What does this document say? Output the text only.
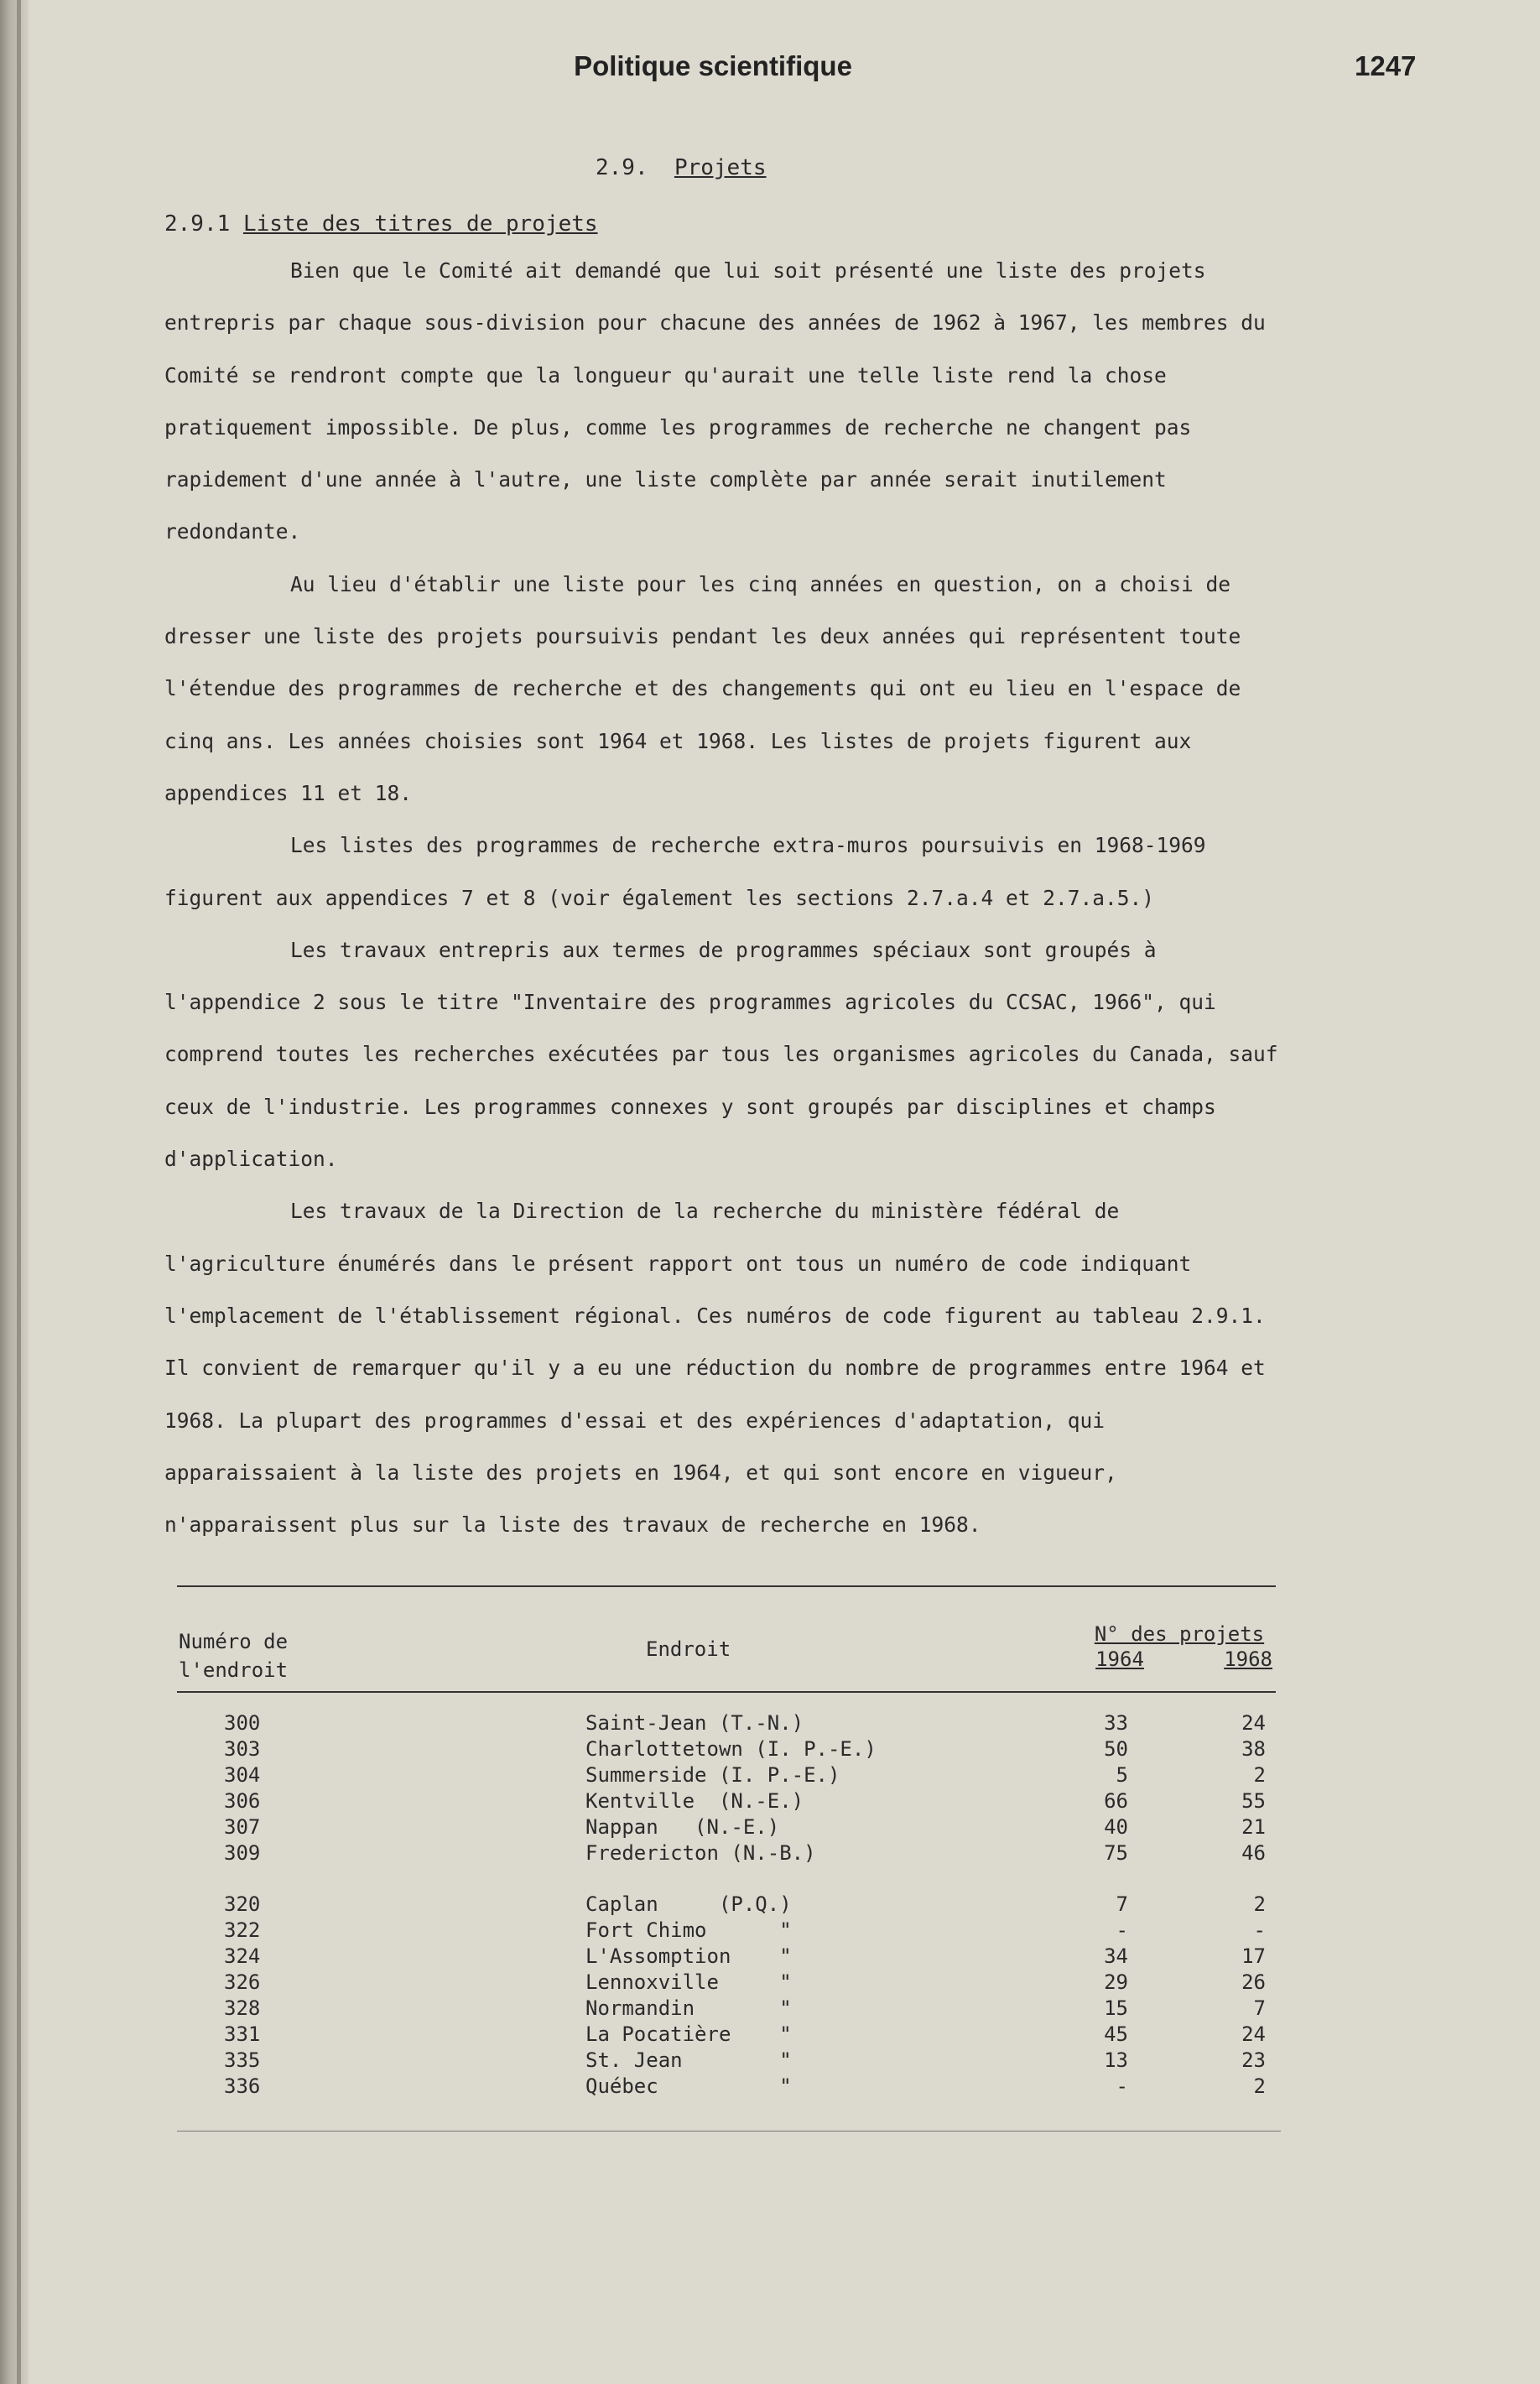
Politique scientifique	1247
2.9. Projets
2.9.1 Liste des titres de projets

Bien que le Comité ait demandé que lui soit présenté une liste des projets entrepris par chaque sous-division pour chacune des années de 1962 à 1967, les membres du Comité se rendront compte que la longueur qu'aurait une telle liste rend la chose pratiquement impossible. De plus, comme les programmes de recherche ne changent pas rapidement d'une année à l'autre, une liste complète par année serait inutilement redondante.

Au lieu d'établir une liste pour les cinq années en question, on a choisi de dresser une liste des projets poursuivis pendant les deux années qui représentent toute l'étendue des programmes de recherche et des changements qui ont eu lieu en l'espace de cinq ans. Les années choisies sont 1964 et 1968. Les listes de projets figurent aux appendices 11 et 18.

Les listes des programmes de recherche extra-muros poursuivis en 1968-1969 figurent aux appendices 7 et 8 (voir également les sections 2.7.a.4 et 2.7.a.5.)

Les travaux entrepris aux termes de programmes spéciaux sont groupés à l'appendice 2 sous le titre "Inventaire des programmes agricoles du CCSAC, 1966", qui comprend toutes les recherches exécutées par tous les organismes agricoles du Canada, sauf ceux de l'industrie. Les programmes connexes y sont groupés par disciplines et champs d'application.

Les travaux de la Direction de la recherche du ministère fédéral de l'agriculture énumérés dans le présent rapport ont tous un numéro de code indiquant l'emplacement de l'établissement régional. Ces numéros de code figurent au tableau 2.9.1. Il convient de remarquer qu'il y a eu une réduction du nombre de programmes entre 1964 et 1968. La plupart des programmes d'essai et des expériences d'adaptation, qui apparaissaient à la liste des projets en 1964, et qui sont encore en vigueur, n'apparaissent plus sur la liste des travaux de recherche en 1968.

Numéro de
l'endroit
Endroit
N° des projets
1964	1968
300	Saint-Jean (T.-N.)	33	24
303	Charlottetown (I. P.-E.)	50	38
304	Summerside (I. P.-E.)	5	2
306	Kentville  (N.-E.)	66	55
307	Nappan   (N.-E.)	40	21
309	Fredericton (N.-B.)	75	46
320	Caplan     (P.Q.)	7	2
322	Fort Chimo      "	-	-
324	L'Assomption    "	34	17
326	Lennoxville     "	29	26
328	Normandin       "	15	7
331	La Pocatière    "	45	24
335	St. Jean        "	13	23
336	Québec          "	-	2
